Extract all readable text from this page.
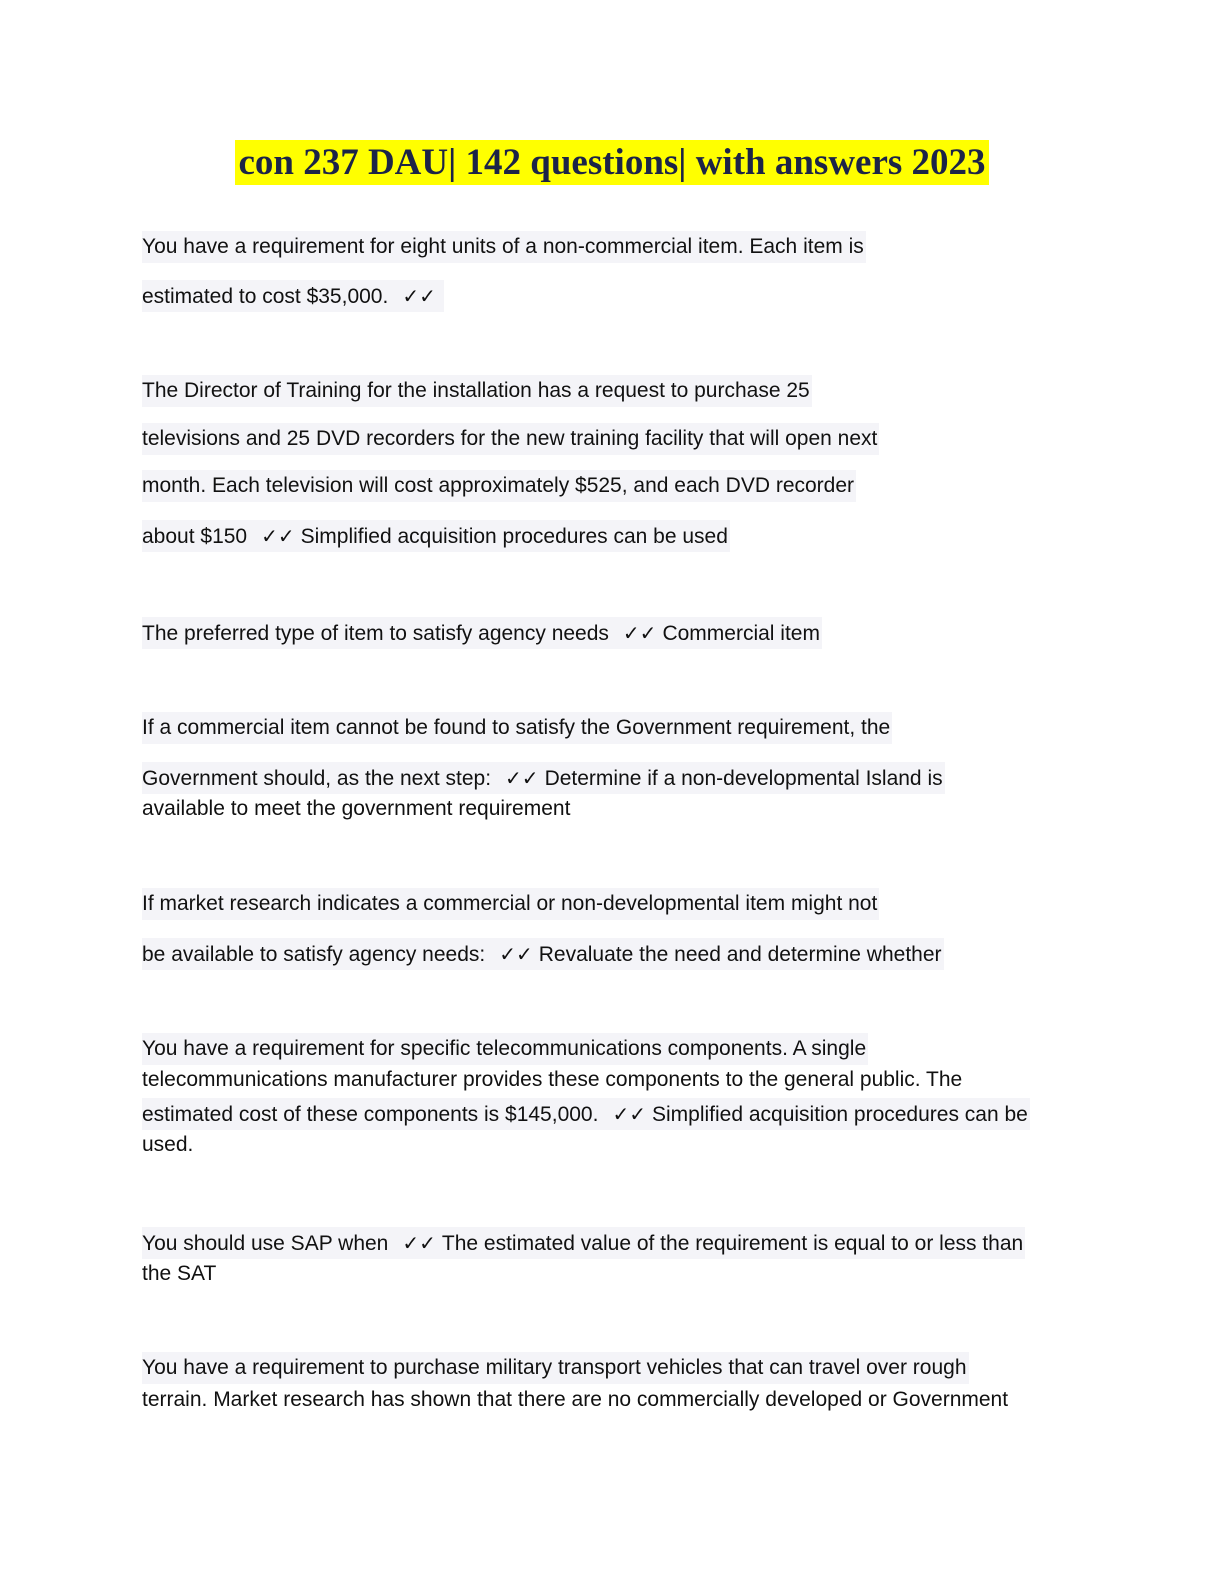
con 237 DAU| 142 questions| with answers 2023
You have a requirement for eight units of a non-commercial item. Each item is
estimated to cost $35,000. ✓✓
The Director of Training for the installation has a request to purchase 25
televisions and 25 DVD recorders for the new training facility that will open next
month. Each television will cost approximately $525, and each DVD recorder
about $150 ✓✓ Simplified acquisition procedures can be used
The preferred type of item to satisfy agency needs ✓✓ Commercial item
If a commercial item cannot be found to satisfy the Government requirement, the
Government should, as the next step: ✓✓ Determine if a non-developmental Island is
available to meet the government requirement
If market research indicates a commercial or non-developmental item might not
be available to satisfy agency needs: ✓✓ Revaluate the need and determine whether
You have a requirement for specific telecommunications components. A single
telecommunications manufacturer provides these components to the general public. The
estimated cost of these components is $145,000. ✓✓ Simplified acquisition procedures can be
used.
You should use SAP when ✓✓ The estimated value of the requirement is equal to or less than
the SAT
You have a requirement to purchase military transport vehicles that can travel over rough
terrain. Market research has shown that there are no commercially developed or Government
